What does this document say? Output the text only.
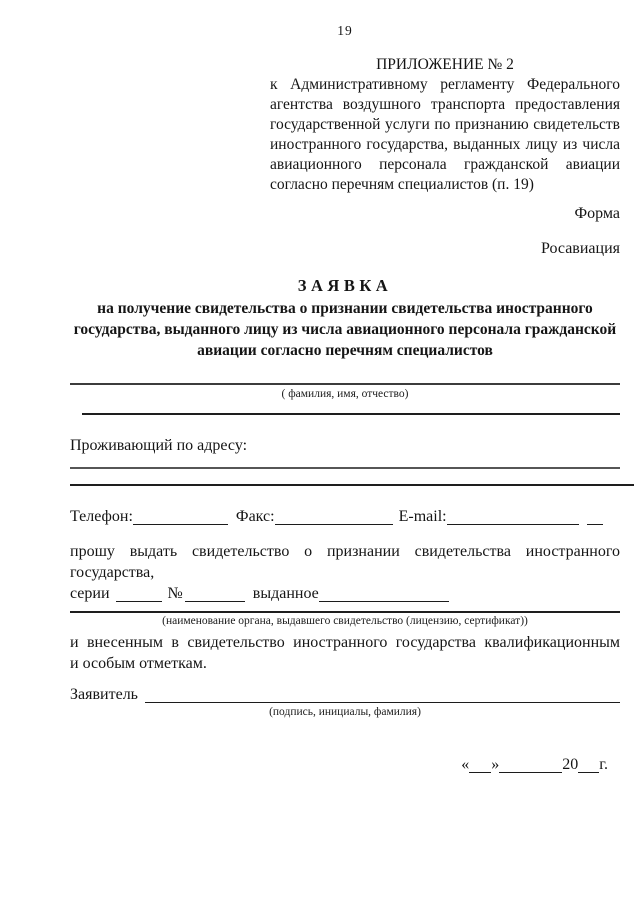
19
ПРИЛОЖЕНИЕ № 2
к Административному регламенту Федерального
агентства воздушного транспорта предоставления
государственной услуги по признанию свидетельств
иностранного государства, выданных лицу из числа
авиационного персонала гражданской авиации
согласно перечням специалистов (п. 19)
Форма
Росавиация
ЗАЯВКА
на получение свидетельства о признании свидетельства иностранного
государства, выданного лицу из числа авиационного персонала гражданской
авиации согласно перечням специалистов
( фамилия, имя, отчество)
Проживающий по адресу:
Телефон:	Факс:	E-mail:
прошу выдать свидетельство о признании свидетельства иностранного государства,
серии	№	выданное
(наименование органа, выдавшего свидетельство (лицензию, сертификат))
и внесенным в свидетельство иностранного государства квалификационным
и особым отметкам.
Заявитель
(подпись, инициалы, фамилия)
« »	20 г.
